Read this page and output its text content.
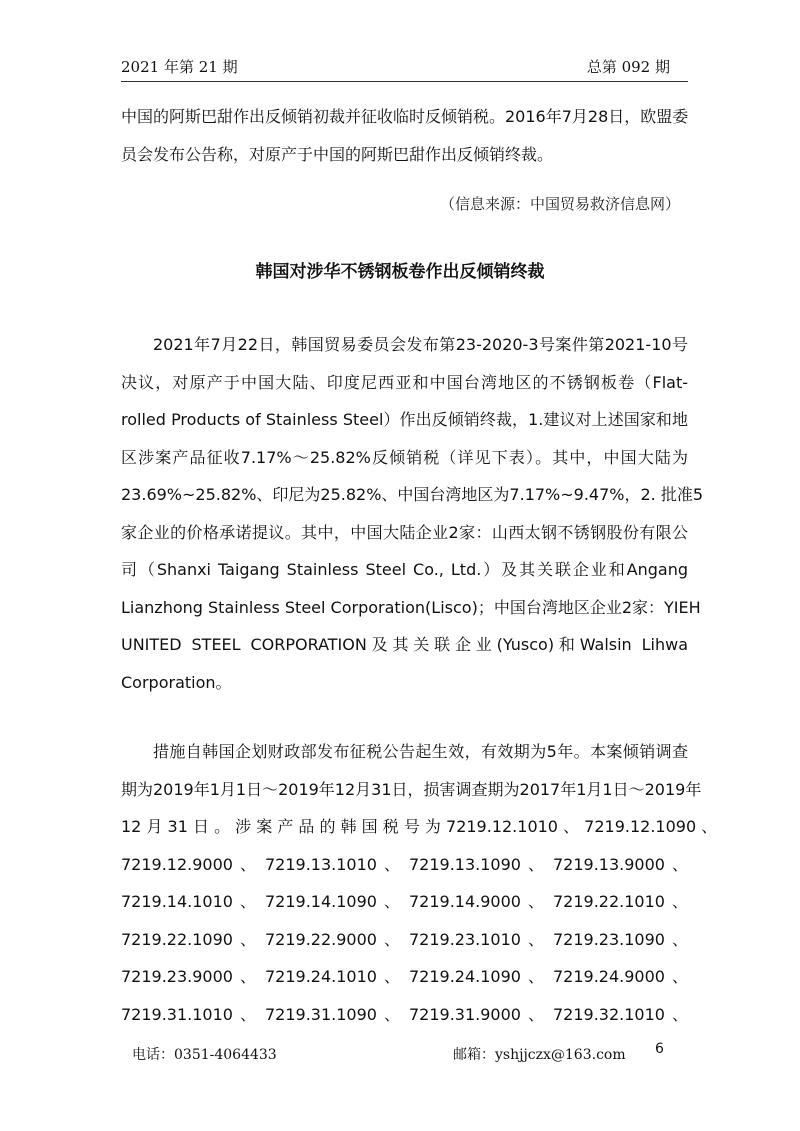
2021 年第 21 期	总第 092 期
中国的阿斯巴甜作出反倾销初裁并征收临时反倾销税。2016年7月28日，欧盟委
员会发布公告称，对原产于中国的阿斯巴甜作出反倾销终裁。
（信息来源：中国贸易救济信息网）
韩国对涉华不锈钢板卷作出反倾销终裁
2021年7月22日，韩国贸易委员会发布第23-2020-3号案件第2021-10号
决议，对原产于中国大陆、印度尼西亚和中国台湾地区的不锈钢板卷（Flat-
rolled Products of Stainless Steel）作出反倾销终裁，1.建议对上述国家和地
区涉案产品征收7.17%～25.82%反倾销税（详见下表）。其中，中国大陆为
23.69%~25.82%、印尼为25.82%、中国台湾地区为7.17%~9.47%，2. 批准5
家企业的价格承诺提议。其中，中国大陆企业2家：山西太钢不锈钢股份有限公
司（Shanxi Taigang Stainless Steel Co., Ltd.）及其关联企业和Angang
Lianzhong Stainless Steel Corporation(Lisco)；中国台湾地区企业2家：YIEH
UNITED STEEL CORPORATION及其关联企业(Yusco)和Walsin Lihwa
Corporation。
措施自韩国企划财政部发布征税公告起生效，有效期为5年。本案倾销调查
期为2019年1月1日～2019年12月31日，损害调查期为2017年1月1日～2019年
12 月 31 日 。 涉 案 产 品 的 韩 国 税 号 为 7219.12.1010 、 7219.12.1090 、
7219.12.9000 、 7219.13.1010 、 7219.13.1090 、 7219.13.9000 、
7219.14.1010 、 7219.14.1090 、 7219.14.9000 、 7219.22.1010 、
7219.22.1090 、 7219.22.9000 、 7219.23.1010 、 7219.23.1090 、
7219.23.9000 、 7219.24.1010 、 7219.24.1090 、 7219.24.9000 、
7219.31.1010 、 7219.31.1090 、 7219.31.9000 、 7219.32.1010 、
电话：0351-4064433	邮箱：yshjjczx@163.com 6
